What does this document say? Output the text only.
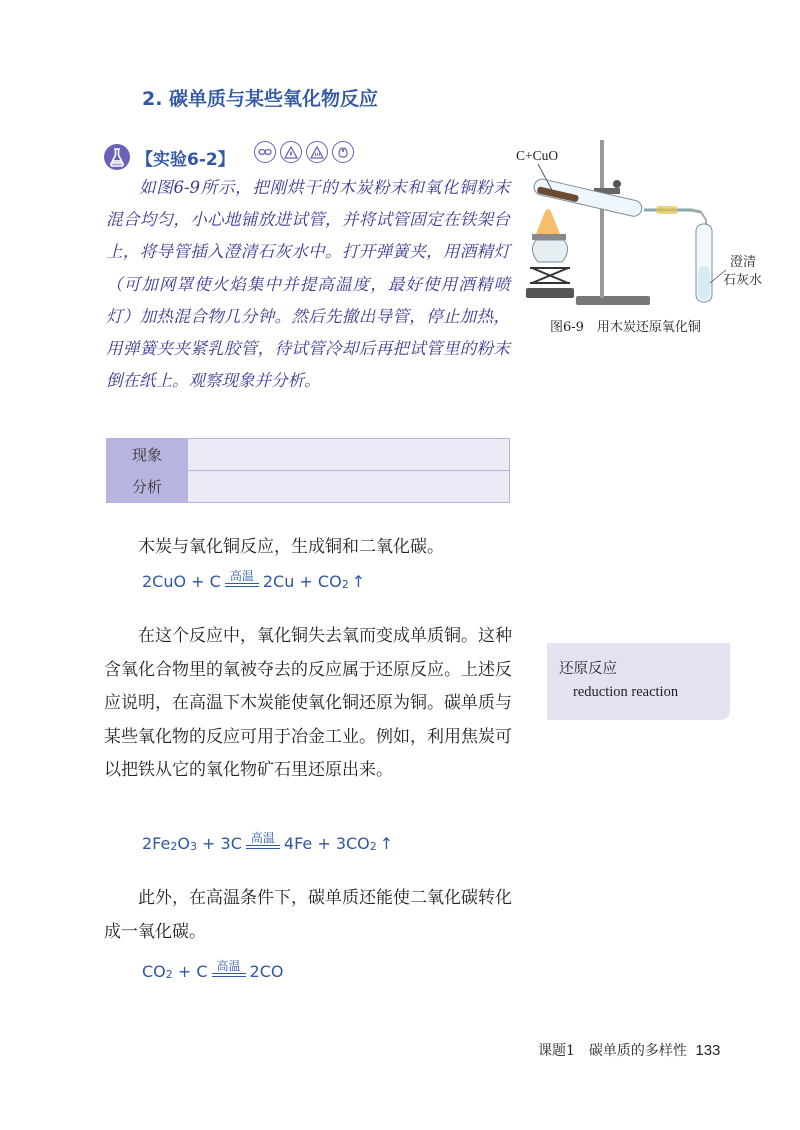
2. 碳单质与某些氧化物反应
【实验6-2】
如图6-9所示，把刚烘干的木炭粉末和氧化铜粉末混合均匀，小心地铺放进试管，并将试管固定在铁架台上，将导管插入澄清石灰水中。打开弹簧夹，用酒精灯（可加网罩使火焰集中并提高温度，最好使用酒精喷灯）加热混合物几分钟。然后先撤出导管，停止加热，用弹簧夹夹紧乳胶管，待试管冷却后再把试管里的粉末倒在纸上。观察现象并分析。
现象	
分析	
C+CuO
澄清
石灰水
图6-9　用木炭还原氧化铜

木炭与氧化铜反应，生成铜和二氧化碳。

2CuO + C 高温 2Cu + CO 2 ↑

在这个反应中，氧化铜失去氧而变成单质铜。这种含氧化合物里的氧被夺去的反应属于还原反应。上述反应说明，在高温下木炭能使氧化铜还原为铜。碳单质与某些氧化物的反应可用于冶金工业。例如，利用焦炭可以把铁从它的氧化物矿石里还原出来。

还原反应
reduction reaction
2Fe 2 O 3 + 3C 高温 4Fe + 3CO 2 ↑

此外，在高温条件下，碳单质还能使二氧化碳转化成一氧化碳。

CO 2 + C 高温 2CO
课题1　碳单质的多样性 133
